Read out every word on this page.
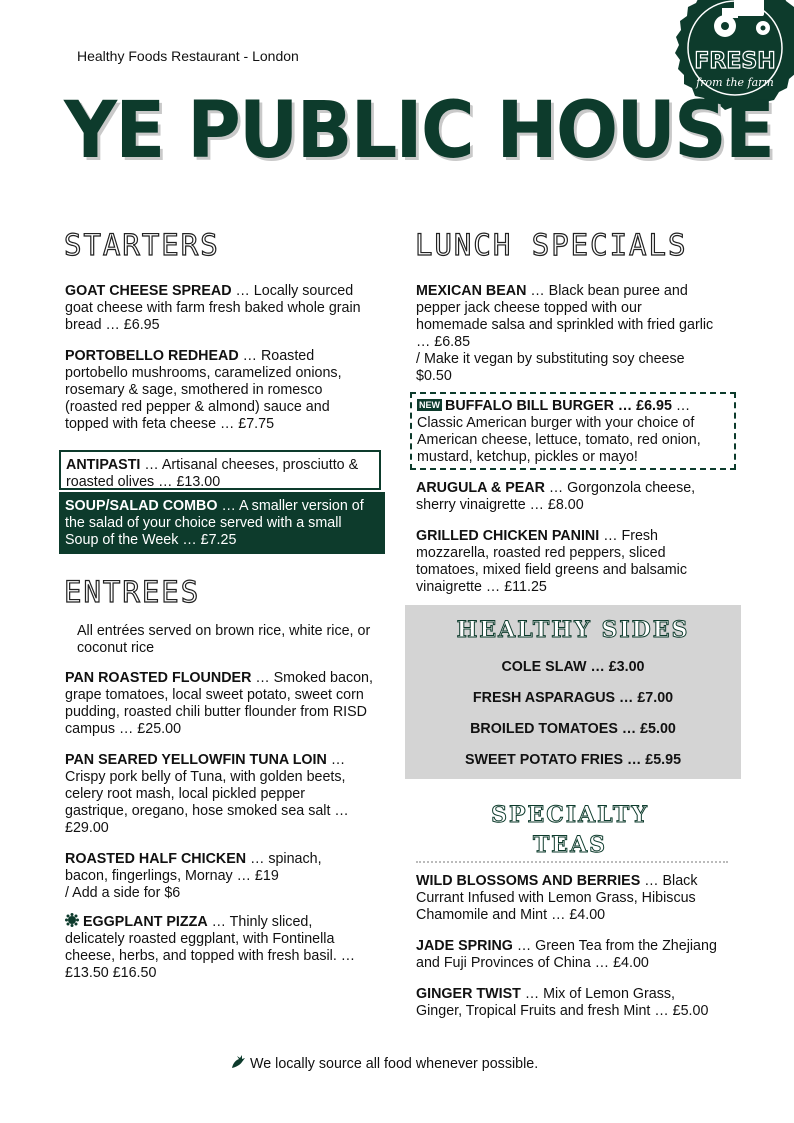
FRESH
from the farm
Healthy Foods Restaurant - London
YE PUBLIC HOUSE
STARTERS
GOAT CHEESE SPREAD … Locally sourced goat cheese with farm fresh baked whole grain bread … £6.95
PORTOBELLO REDHEAD … Roasted portobello mushrooms, caramelized onions, rosemary & sage, smothered in romesco (roasted red pepper & almond) sauce and topped with feta cheese … £7.75
ANTIPASTI … Artisanal cheeses, prosciutto & roasted olives … £13.00
SOUP/SALAD COMBO … A smaller version of the salad of your choice served with a small Soup of the Week … £7.25
ENTREES
All entrées served on brown rice, white rice, or coconut rice
PAN ROASTED FLOUNDER … Smoked bacon, grape tomatoes, local sweet potato, sweet corn pudding, roasted chili butter flounder from RISD campus … £25.00
PAN SEARED YELLOWFIN TUNA LOIN … Crispy pork belly of Tuna, with golden beets, celery root mash, local pickled pepper gastrique, oregano, hose smoked sea salt … £29.00
ROASTED HALF CHICKEN … spinach, bacon, fingerlings, Mornay … £19
/ Add a side for $6
EGGPLANT PIZZA … Thinly sliced, delicately roasted eggplant, with Fontinella cheese, herbs, and topped with fresh basil. … £13.50 £16.50
LUNCH SPECIALS
MEXICAN BEAN … Black bean puree and pepper jack cheese topped with our homemade salsa and sprinkled with fried garlic … £6.85
/ Make it vegan by substituting soy cheese $0.50
NEW BUFFALO BILL BURGER … £6.95 … Classic American burger with your choice of American cheese, lettuce, tomato, red onion, mustard, ketchup, pickles or mayo!
ARUGULA & PEAR … Gorgonzola cheese, sherry vinaigrette … £8.00
GRILLED CHICKEN PANINI … Fresh mozzarella, roasted red peppers, sliced tomatoes, mixed field greens and balsamic vinaigrette … £11.25
HEALTHY SIDES
COLE SLAW … £3.00
FRESH ASPARAGUS … £7.00
BROILED TOMATOES … £5.00
SWEET POTATO FRIES … £5.95
SPECIALTY
TEAS
WILD BLOSSOMS AND BERRIES … Black Currant Infused with Lemon Grass, Hibiscus Chamomile and Mint … £4.00
JADE SPRING … Green Tea from the Zhejiang and Fuji Provinces of China … £4.00
GINGER TWIST … Mix of Lemon Grass, Ginger, Tropical Fruits and fresh Mint … £5.00
We locally source all food whenever possible.
